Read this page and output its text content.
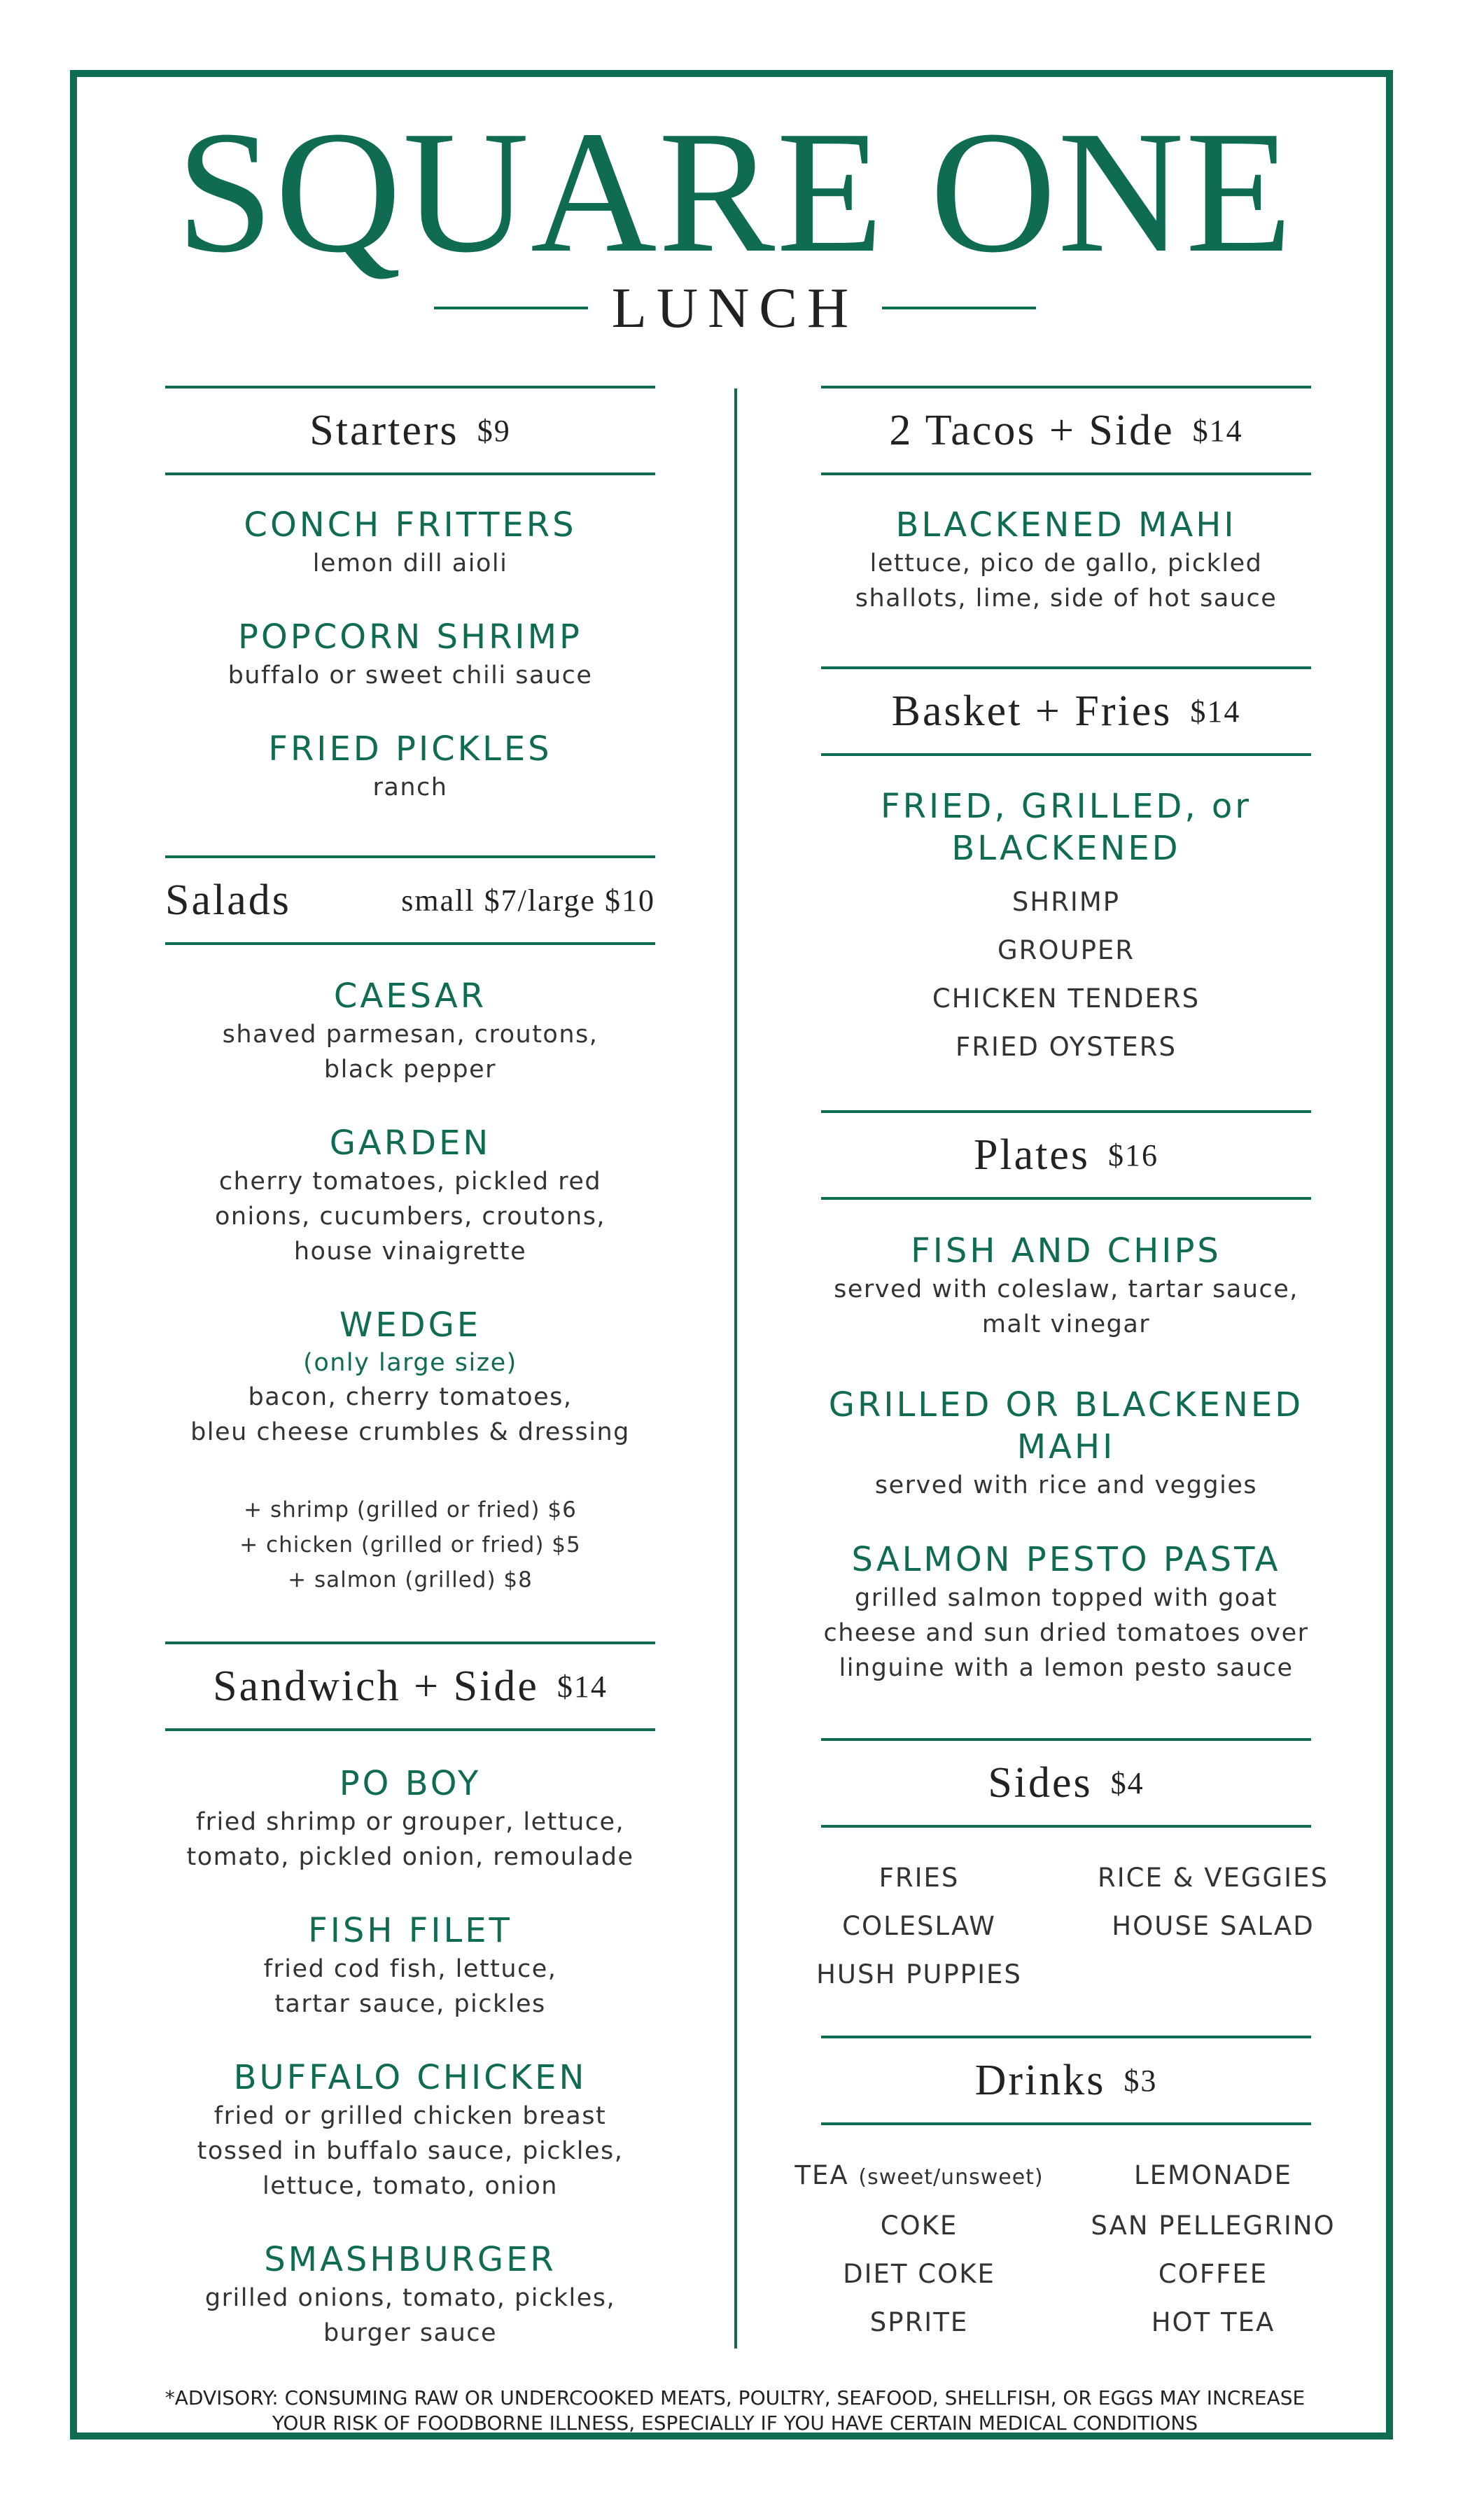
SQUARE ONE
LUNCH
Starters $9
CONCH FRITTERS
lemon dill aioli
POPCORN SHRIMP
buffalo or sweet chili sauce
FRIED PICKLES
ranch
Salads	small $7/large $10
CAESAR
shaved parmesan, croutons,
black pepper
GARDEN
cherry tomatoes, pickled red
onions, cucumbers, croutons,
house vinaigrette
WEDGE
(only large size)
bacon, cherry tomatoes,
bleu cheese crumbles & dressing
+ shrimp (grilled or fried) $6
+ chicken (grilled or fried) $5
+ salmon (grilled) $8
Sandwich + Side $14
PO BOY
fried shrimp or grouper, lettuce,
tomato, pickled onion, remoulade
FISH FILET
fried cod fish, lettuce,
tartar sauce, pickles
BUFFALO CHICKEN
fried or grilled chicken breast
tossed in buffalo sauce, pickles,
lettuce, tomato, onion
SMASHBURGER
grilled onions, tomato, pickles,
burger sauce
2 Tacos + Side $14
BLACKENED MAHI
lettuce, pico de gallo, pickled
shallots, lime, side of hot sauce
Basket + Fries $14
FRIED, GRILLED, or
BLACKENED
SHRIMP
GROUPER
CHICKEN TENDERS
FRIED OYSTERS
Plates $16
FISH AND CHIPS
served with coleslaw, tartar sauce,
malt vinegar
GRILLED OR BLACKENED
MAHI
served with rice and veggies
SALMON PESTO PASTA
grilled salmon topped with goat
cheese and sun dried tomatoes over
linguine with a lemon pesto sauce
Sides $4
FRIES	RICE & VEGGIES
COLESLAW	HOUSE SALAD
HUSH PUPPIES
Drinks $3
TEA (sweet/unsweet)	LEMONADE
COKE	SAN PELLEGRINO
DIET COKE	COFFEE
SPRITE	HOT TEA
*ADVISORY: CONSUMING RAW OR UNDERCOOKED MEATS, POULTRY, SEAFOOD, SHELLFISH, OR EGGS MAY INCREASE
YOUR RISK OF FOODBORNE ILLNESS, ESPECIALLY IF YOU HAVE CERTAIN MEDICAL CONDITIONS
